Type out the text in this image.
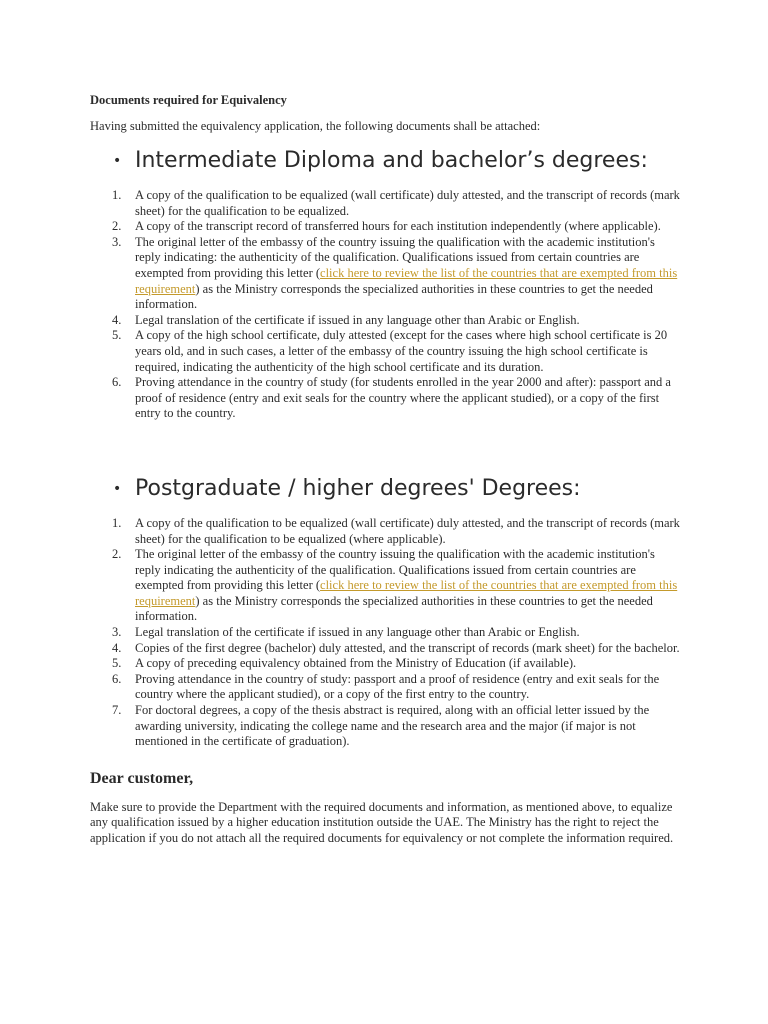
Documents required for Equivalency

Having submitted the equivalency application, the following documents shall be attached:

• Intermediate Diploma and bachelor’s degrees:
1. A copy of the qualification to be equalized (wall certificate) duly attested, and the transcript of records (mark sheet) for the qualification to be equalized.
2. A copy of the transcript record of transferred hours for each institution independently (where applicable).
3. The original letter of the embassy of the country issuing the qualification with the academic institution's reply indicating: the authenticity of the qualification. Qualifications issued from certain countries are exempted from providing this letter (click here to review the list of the countries that are exempted from this requirement) as the Ministry corresponds the specialized authorities in these countries to get the needed information.
4. Legal translation of the certificate if issued in any language other than Arabic or English.
5. A copy of the high school certificate, duly attested (except for the cases where high school certificate is 20 years old, and in such cases, a letter of the embassy of the country issuing the high school certificate is required, indicating the authenticity of the high school certificate and its duration.
6. Proving attendance in the country of study (for students enrolled in the year 2000 and after): passport and a proof of residence (entry and exit seals for the country where the applicant studied), or a copy of the first entry to the country.
• Postgraduate / higher degrees' Degrees:
1. A copy of the qualification to be equalized (wall certificate) duly attested, and the transcript of records (mark sheet) for the qualification to be equalized (where applicable).
2. The original letter of the embassy of the country issuing the qualification with the academic institution's reply indicating the authenticity of the qualification. Qualifications issued from certain countries are exempted from providing this letter (click here to review the list of the countries that are exempted from this requirement) as the Ministry corresponds the specialized authorities in these countries to get the needed information.
3. Legal translation of the certificate if issued in any language other than Arabic or English.
4. Copies of the first degree (bachelor) duly attested, and the transcript of records (mark sheet) for the bachelor.
5. A copy of preceding equivalency obtained from the Ministry of Education (if available).
6. Proving attendance in the country of study: passport and a proof of residence (entry and exit seals for the country where the applicant studied), or a copy of the first entry to the country.
7. For doctoral degrees, a copy of the thesis abstract is required, along with an official letter issued by the awarding university, indicating the college name and the research area and the major (if major is not mentioned in the certificate of graduation).
Dear customer,

Make sure to provide the Department with the required documents and information, as mentioned above, to equalize any qualification issued by a higher education institution outside the UAE. The Ministry has the right to reject the application if you do not attach all the required documents for equivalency or not complete the information required.
